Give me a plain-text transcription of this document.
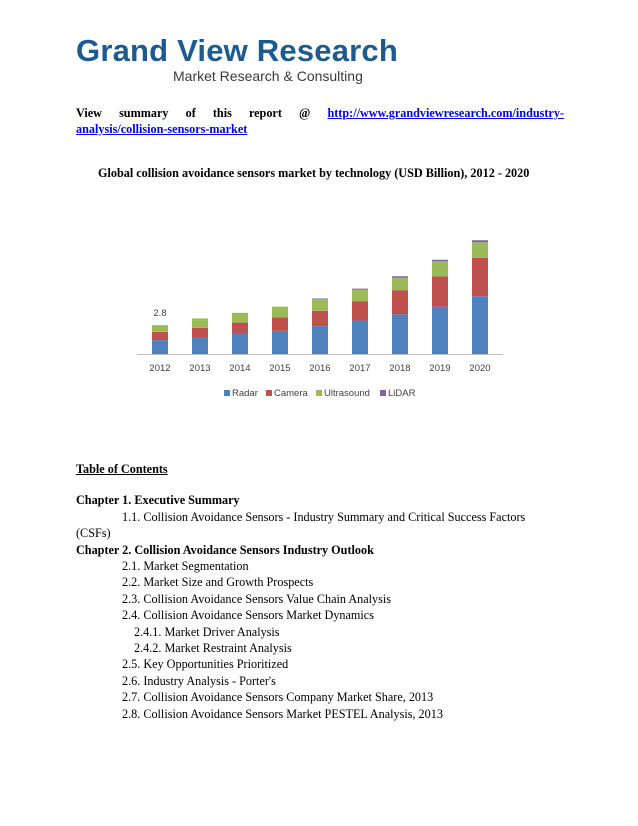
Grand View Research
Market Research & Consulting
View summary of this report @ http://www.grandviewresearch.com/industry-
analysis/collision-sensors-market
Global collision avoidance sensors market by technology (USD Billion), 2012 - 2020
2012 2013 2014 2015 2016 2017 2018 2019 2020
2.8
Radar Camera Ultrasound LiDAR
Table of Contents
Chapter 1. Executive Summary
1.1. Collision Avoidance Sensors - Industry Summary and Critical Success Factors
(CSFs)
Chapter 2. Collision Avoidance Sensors Industry Outlook
2.1. Market Segmentation
2.2. Market Size and Growth Prospects
2.3. Collision Avoidance Sensors Value Chain Analysis
2.4. Collision Avoidance Sensors Market Dynamics
2.4.1. Market Driver Analysis
2.4.2. Market Restraint Analysis
2.5. Key Opportunities Prioritized
2.6. Industry Analysis - Porter's
2.7. Collision Avoidance Sensors Company Market Share, 2013
2.8. Collision Avoidance Sensors Market PESTEL Analysis, 2013
